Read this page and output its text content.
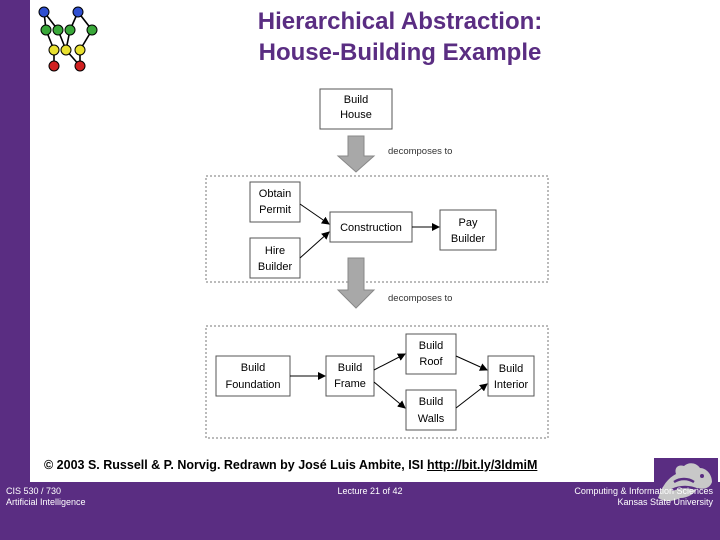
Hierarchical Abstraction:
House-Building Example
Build
House
decomposes to
Obtain
Permit
Hire
Builder
Construction	Pay
Builder
decomposes to
Build
Foundation
Build
Frame
Build
Roof
Build
Walls
Build
Interior
© 2003 S. Russell & P. Norvig. Redrawn by José Luis Ambite, ISI http://bit.ly/3ldmiM
CIS 530 / 730
Artificial Intelligence
Lecture 21 of 42	Computing & Information Sciences
Kansas State University
